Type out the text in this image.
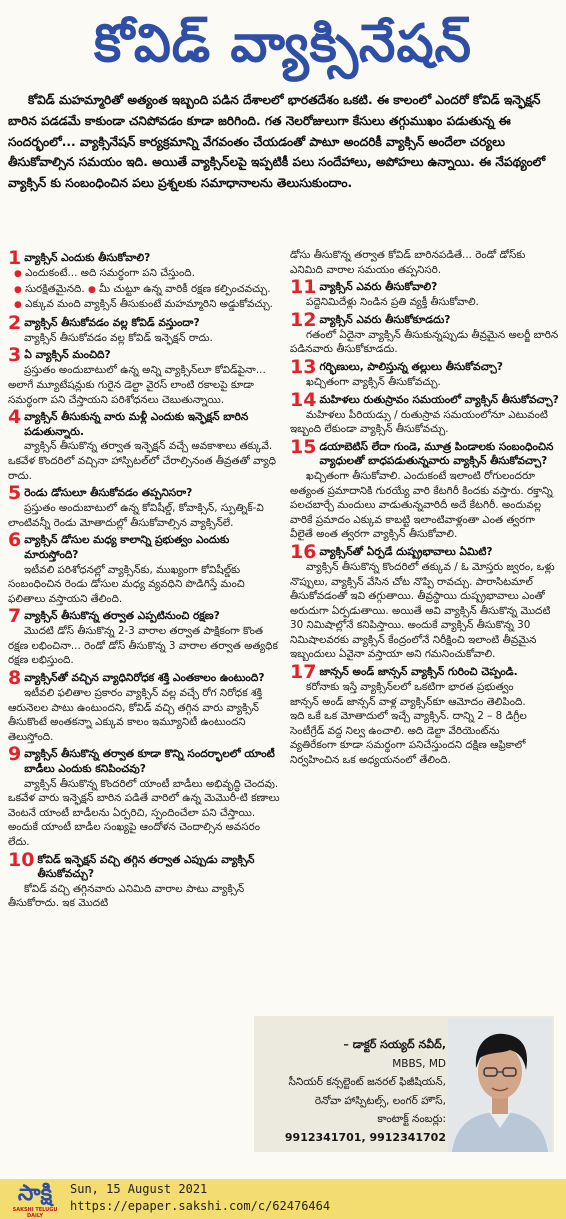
కోవిడ్ వ్యాక్సినేషన్

కోవిడ్ మహమ్మారితో అత్యంత ఇబ్బంది పడిన దేశాలలో భారతదేశం ఒకటి. ఈ కాలంలో ఎందరో కోవిడ్ ఇన్ఫెక్షన్ బారిన పడడమే కాకుండా చనిపోవడం కూడా జరిగింది. గత నెలరోజులుగా కేసులు తగ్గుముఖం పడుతున్న ఈ సందర్భంలో... వ్యాక్సినేషన్ కార్యక్రమాన్ని వేగవంతం చేయడంతో పాటూ అందరికీ వ్యాక్సిన్ అందేలా చర్యలు తీసుకోవాల్సిన సమయం ఇది. అయితే వ్యాక్సిన్‌లపై ఇప్పటికీ పలు సందేహాలు, అపోహలు ఉన్నాయి. ఈ నేపథ్యంలో వ్యాక్సిన్ కు సంబంధించిన పలు ప్రశ్నలకు సమాధానాలను తెలుసుకుందాం.

1 వ్యాక్సిన్ ఎందుకు తీసుకోవాలి?

● ఎందుకంటే... అది సమర్థంగా పని చేస్తుంది.

● సురక్షితమైనది. ● మీ చుట్టూ ఉన్న వారికీ రక్షణ కల్పించవచ్చు. ● ఎక్కువ మంది వ్యాక్సిన్ తీసుకుంటే మహమ్మారిని అడ్డుకోవచ్చు.

2 వ్యాక్సిన్ తీసుకోవడం వల్ల కోవిడ్ వస్తుందా?

వ్యాక్సిన్ తీసుకోవడం వల్ల కోవిడ్ ఇన్ఫెక్షన్ రాదు.

3 ఏ వ్యాక్సిన్ మంచిది?

ప్రస్తుతం అందుబాటులో ఉన్న అన్ని వ్యాక్సిన్‌లూ కోవిడ్‌పైనా... అలాగే మ్యూటేషన్లుకు గురైన డెల్టా వైరస్ లాంటి రకాలపై కూడా సమర్థంగా పని చేస్తాయని పరిశోధనలు చెబుతున్నాయి.

4 వ్యాక్సిన్ తీసుకున్న వారు మళ్లీ ఎందుకు ఇన్ఫెక్షన్ బారిన పడుతున్నారు.

వ్యాక్సిన్ తీసుకొన్న తర్వాత ఇన్ఫెక్షన్ వచ్చే అవకాశాలు తక్కువే. ఒకవేళ కొందరిలో వచ్చినా హాస్పిటల్‌లో చేరాల్సినంత తీవ్రతతో వ్యాధి రాదు.

5 రెండు డోసులూ తీసుకోవడం తప్పనిసరా?

ప్రస్తుతం అందుబాటులో ఉన్న కోవిషీల్డ్, కోవాక్సిన్, స్పుత్నిక్-వి లాంటివన్నీ రెండు మోతాదుల్లో తీసుకోవాల్సిన వ్యాక్సిన్‌లే.

6 వ్యాక్సిన్ డోసుల మధ్య కాలాన్ని ప్రభుత్వం ఎందుకు మారుస్తోంది?

ఇటీవలి పరిశోధనల్లో వ్యాక్సిన్‌కు, ముఖ్యంగా కోవిషీల్డ్‌కు సంబంధించిన రెండు డోసుల మధ్య వ్యవధిని పొడిగిస్తే మంచి ఫలితాలు వస్తాయని తేలింది.

7 వ్యాక్సిన్ తీసుకొన్న తర్వాత ఎప్పటినుంచి రక్షణ?

మొదటి డోస్ తీసుకొన్న 2-3 వారాల తర్వాత పాక్షికంగా కొంత రక్షణ లభించినా... రెండో డోస్ తీసుకొన్న 3 వారాల తర్వాత అత్యధిక రక్షణ లభిస్తుంది.

8 వ్యాక్సిన్‌తో వచ్చిన వ్యాధినిరోధక శక్తి ఎంతకాలం ఉంటుంది?

ఇటీవలి ఫలితాల ప్రకారం వ్యాక్సిన్ వల్ల వచ్చే రోగ నిరోధక శక్తి ఆరునెలల పాటు ఉంటుందని, కోవిడ్ వచ్చి తగ్గిన వారు వ్యాక్సిన్ తీసుకొంటే అంతకన్నా ఎక్కువ కాలం ఇమ్యూనిటీ ఉంటుందని తెలుస్తోంది.

9 వ్యాక్సిన్ తీసుకొన్న తర్వాత కూడా కొన్ని సందర్భాలలో యాంటీ బాడీలు ఎందుకు కనిపించవు?

వ్యాక్సిన్ తీసుకొన్న కొందరిలో యాంటీ బాడీలు అభివృద్ధి చెందవు. ఒకవేళ వారు ఇన్ఫెక్షన్ బారిన పడితే వారిలో ఉన్న మెమొరీ-టి కణాలు వెంటనే యాంటీ బాడీలను ఏర్పరిచి, స్పందించేలా పని చేస్తాయి. అందుకే యాంటీ బాడీల సంఖ్యపై ఆందోళన చెందాల్సిన అవసరం లేదు.

10 కోవిడ్ ఇన్ఫెక్షన్ వచ్చి తగ్గిన తర్వాత ఎప్పుడు వ్యాక్సిన్ తీసుకోవచ్చు?

కోవిడ్ వచ్చి తగ్గినవారు ఎనిమిది వారాల పాటు వ్యాక్సిన్ తీసుకోరాదు. ఇక మొదటి

డోసు తీసుకొన్న తర్వాత కోవిడ్ బారినపడితే... రెండో డోస్‌కు ఎనిమిది వారాల సమయం తప్పనిసరి.

11 వ్యాక్సిన్ ఎవరు తీసుకోవాలి?

పద్దెనిమిదేళ్లు నిండిన ప్రతి వ్యక్తీ తీసుకోవాలి.

12 వ్యాక్సిన్ ఎవరు తీసుకోకూడదు?

గతంలో ఏదైనా వ్యాక్సిన్ తీసుకున్నప్పుడు తీవ్రమైన అలర్జీ బారిన పడినవారు తీసుకోకూడదు.

13 గర్భిణులు, పాలిస్తున్న తల్లులు తీసుకోవచ్చా?

ఖచ్చితంగా వ్యాక్సిన్ తీసుకోవచ్చు.

14 మహిళలు రుతుస్రావం సమయంలో వ్యాక్సిన్ తీసుకోవచ్చా?

మహిళలు పీరియడ్సు / రుతుస్రావ సమయంలోనూ ఎటువంటి ఇబ్బంది లేకుండా వ్యాక్సిన్ తీసుకోవచ్చు.

15 డయాబెటిస్ లేదా గుండె, మూత్ర పిండాలకు సంబంధించిన వ్యాధులతో బాధపడుతున్నవారు వ్యాక్సిన్ తీసుకోవచ్చా?

ఖచ్చితంగా తీసుకోవాలి. ఎందుకంటే ఇలాంటి రోగులందరూ అత్యంత ప్రమాదానికి గురయ్యే వారి కేటగిరీ కిందకు వస్తారు. రక్తాన్ని పలచబార్చే మందులు వాడుతున్నవారిదీ అదే కేటగిరీ. అందువల్ల వారికే ప్రమాదం ఎక్కువ కాబట్టి ఇలాంటివాళ్లంతా ఎంత త్వరగా వీలైతే అంత త్వరగా వ్యాక్సిన్ తీసుకోవాలి.

16 వ్యాక్సిన్‌తో ఏర్పడే దుష్ప్రభావాలు ఏమిటి?

వ్యాక్సిన్ తీసుకొన్న కొందరిలో తక్కువ / ఓ మోస్తరు జ్వరం, ఒళ్లు నొప్పులు, వ్యాక్సిన్ వేసిన చోట నొప్పి రావచ్చు. పారాసిటమాల్ తీసుకోవడంతో ఇవి తగ్గుతాయి. తీవ్రస్థాయి దుష్ప్రభావాలు ఎంతో అరుదుగా ఏర్పడుతాయి. అయితే అవి వ్యాక్సిన్ తీసుకొన్న మొదటి 30 నిమిషాల్లోనే కనిపిస్తాయి. అందుకే వ్యాక్సిన్ తీసుకొన్న 30 నిమిషాలవరకు వ్యాక్సిన్ కేంద్రంలోనే నిరీక్షించి ఇలాంటి తీవ్రమైన ఇబ్బందులు ఏవైనా వస్తాయా అని గమనించుకోవాలి.

17 జాన్సన్ అండ్ జాన్సన్ వ్యాక్సిన్ గురించి చెప్పండి.

కరోనాకు ఇస్తే వ్యాక్సిన్‌లలో ఒకటిగా భారత ప్రభుత్వం జాన్సన్ అండ్ జాన్సన్ వాళ్ల వ్యాక్సిన్‌కూ ఆమోదం తెలిపింది. ఇది ఒకే ఒక మోతాదులో ఇచ్చే వ్యాక్సిన్. దాన్ని 2 – 8 డిగ్రీల సెంటీగ్రేడ్ వద్ద నిల్వ ఉంచాలి. అది డెల్టా వేరియెంట్‌ను వ్యతిరేకంగా కూడా సమర్థంగా పనిచేస్తుందని దక్షిణ ఆఫ్రికాలో నిర్వహించిన ఒక అధ్యయనంలో తేలింది.

– డాక్టర్ సయ్యద్ నవీద్,
MBBS, MD
సీనియర్ కన్సల్టెంట్ జనరల్ ఫిజీషియన్,
రెనోవా హాస్పిటల్స్, లంగర్ హౌస్,
కాంటాక్ట్ నంబర్లు:
9912341701, 9912341702
సాక్షి
SAKSHI TELUGU DAILY
Sun, 15 August 2021
https://epaper.sakshi.com/c/62476464
